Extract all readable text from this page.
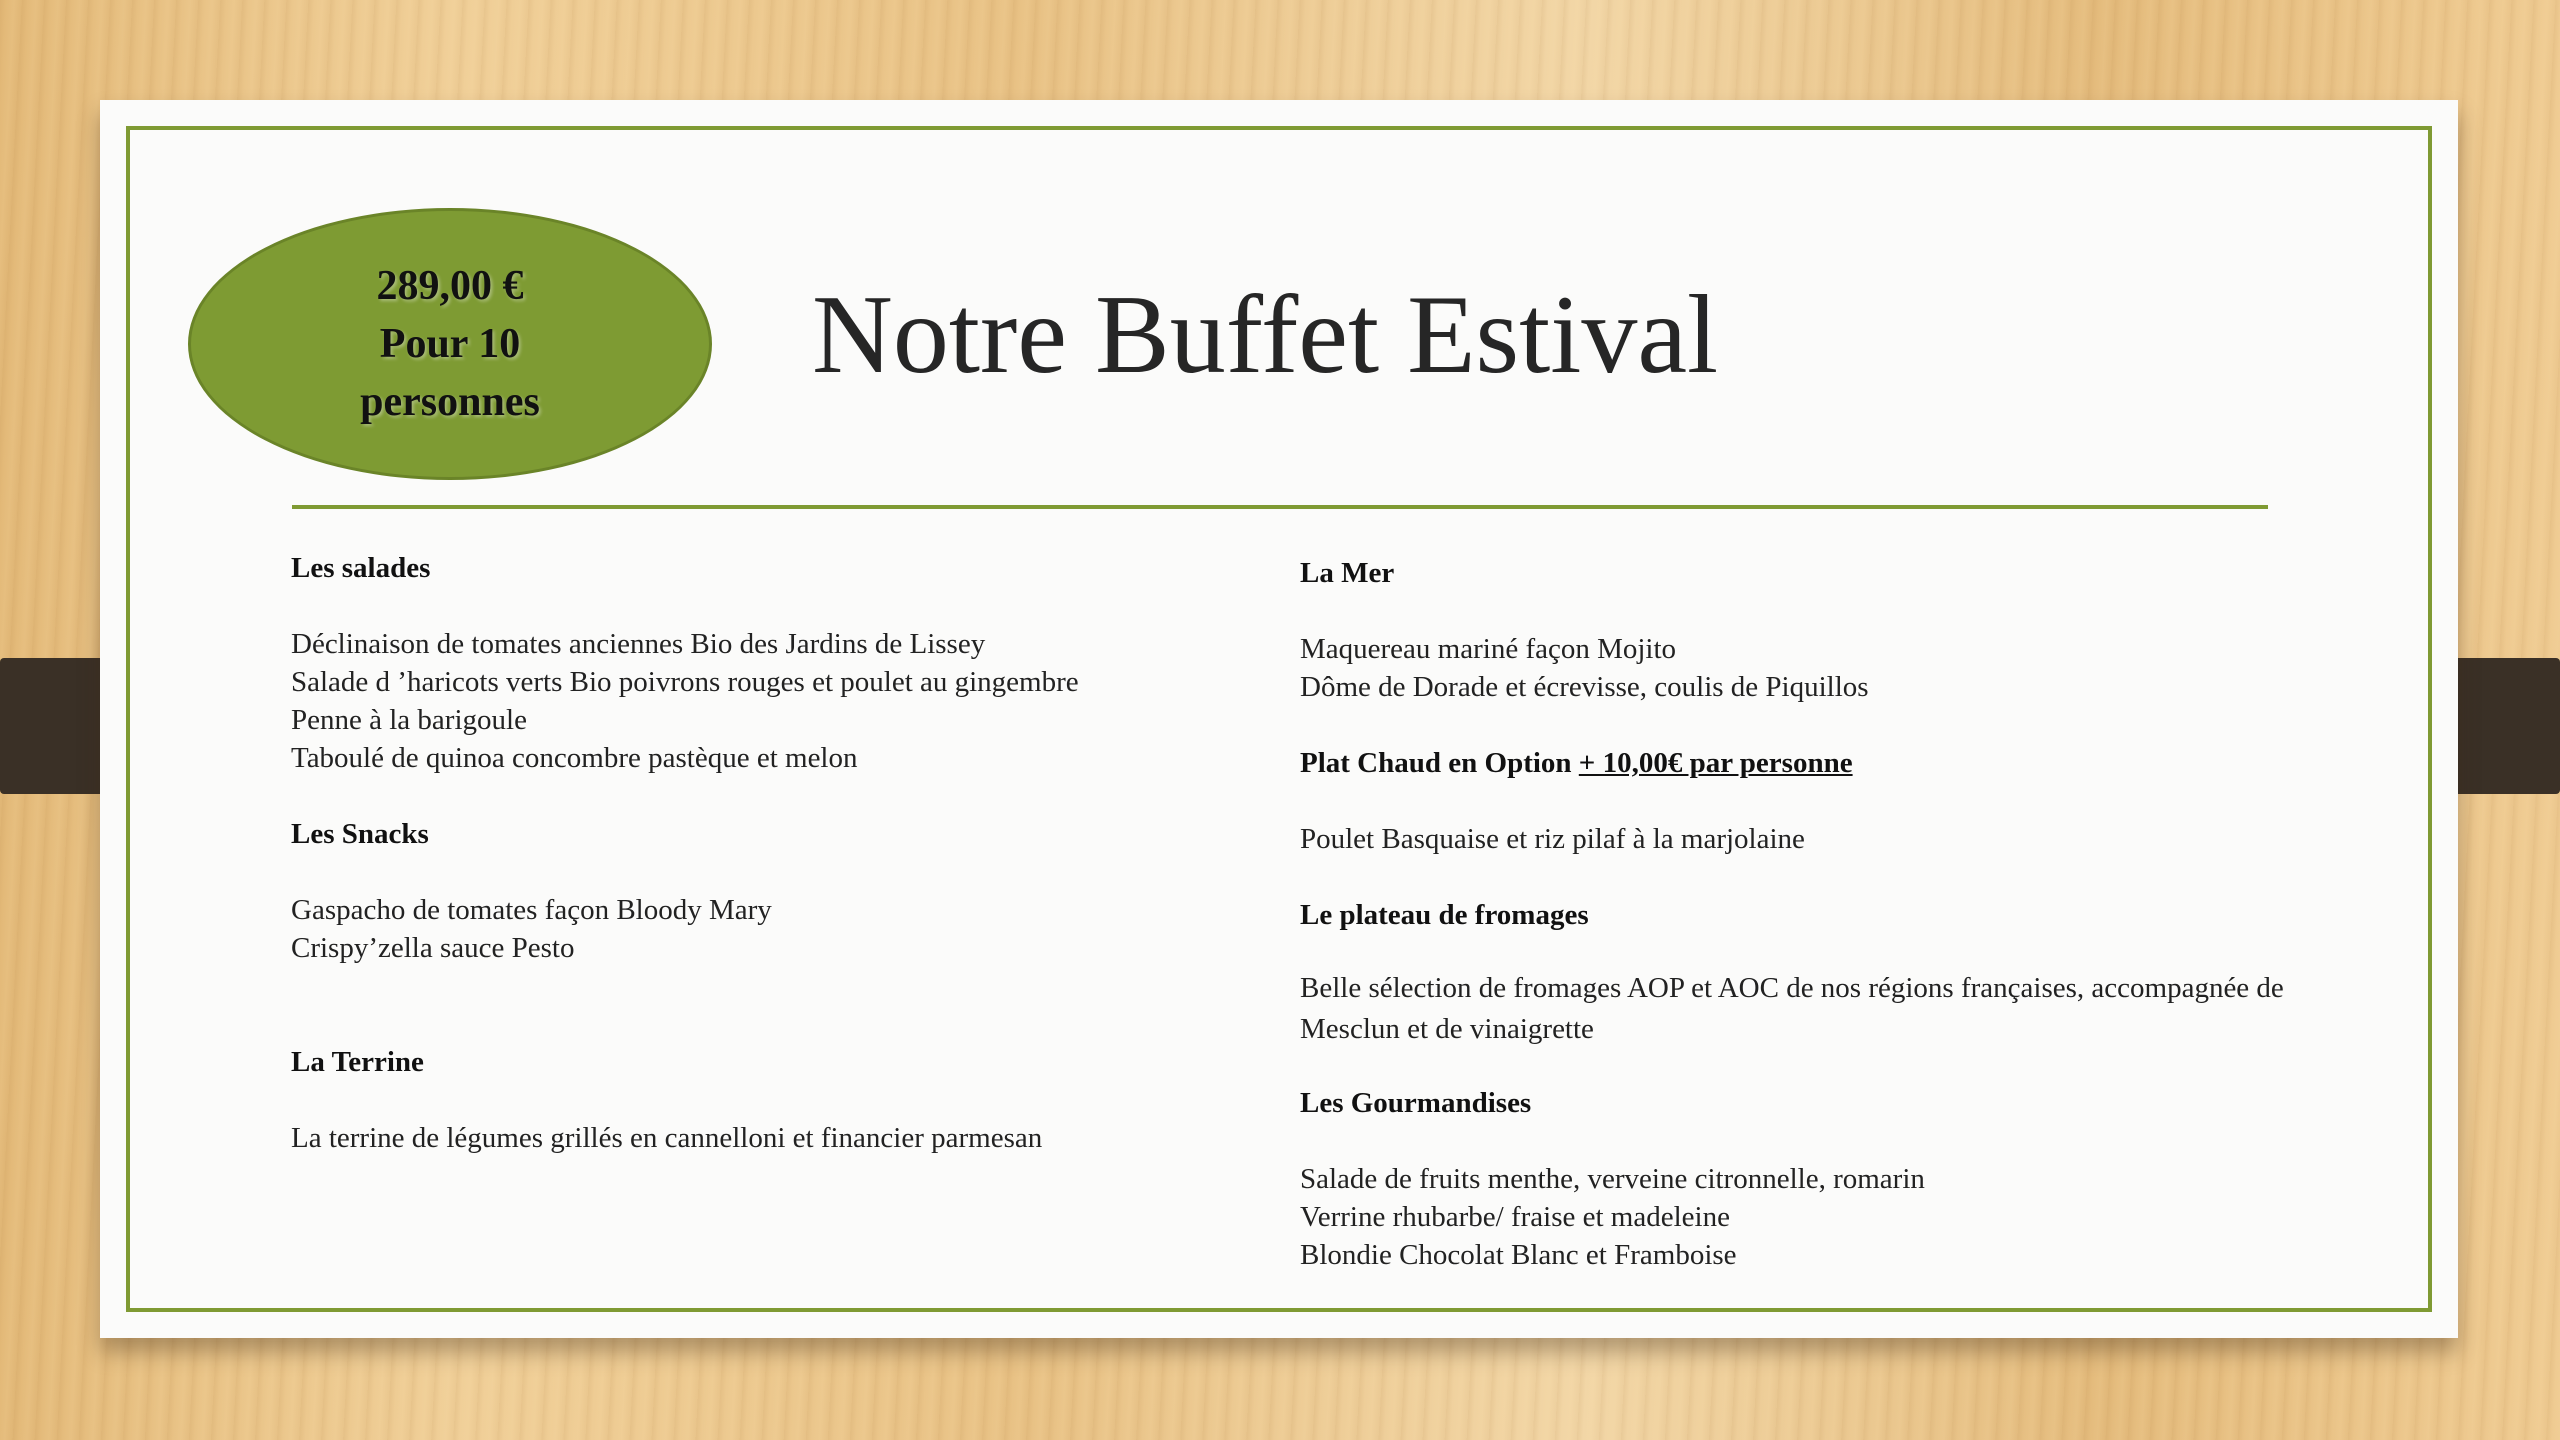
289,00 €
Pour 10
personnes
Notre Buffet Estival
Les salades
Déclinaison de tomates anciennes Bio des Jardins de Lissey
Salade d ’haricots verts Bio poivrons rouges et poulet au gingembre
Penne à la barigoule
Taboulé de quinoa concombre pastèque et melon
Les Snacks
Gaspacho de tomates façon Bloody Mary
Crispy’zella sauce Pesto
La Terrine
La terrine de légumes grillés en cannelloni et financier parmesan
La Mer
Maquereau mariné façon Mojito
Dôme de Dorade et écrevisse, coulis de Piquillos
Plat Chaud en Option + 10,00€ par personne
Poulet Basquaise et riz pilaf à la marjolaine
Le plateau de fromages
Belle sélection de fromages AOP et AOC de nos régions françaises, accompagnée de Mesclun et de vinaigrette
Les Gourmandises
Salade de fruits menthe, verveine citronnelle, romarin
Verrine rhubarbe/ fraise et madeleine
Blondie Chocolat Blanc et Framboise
